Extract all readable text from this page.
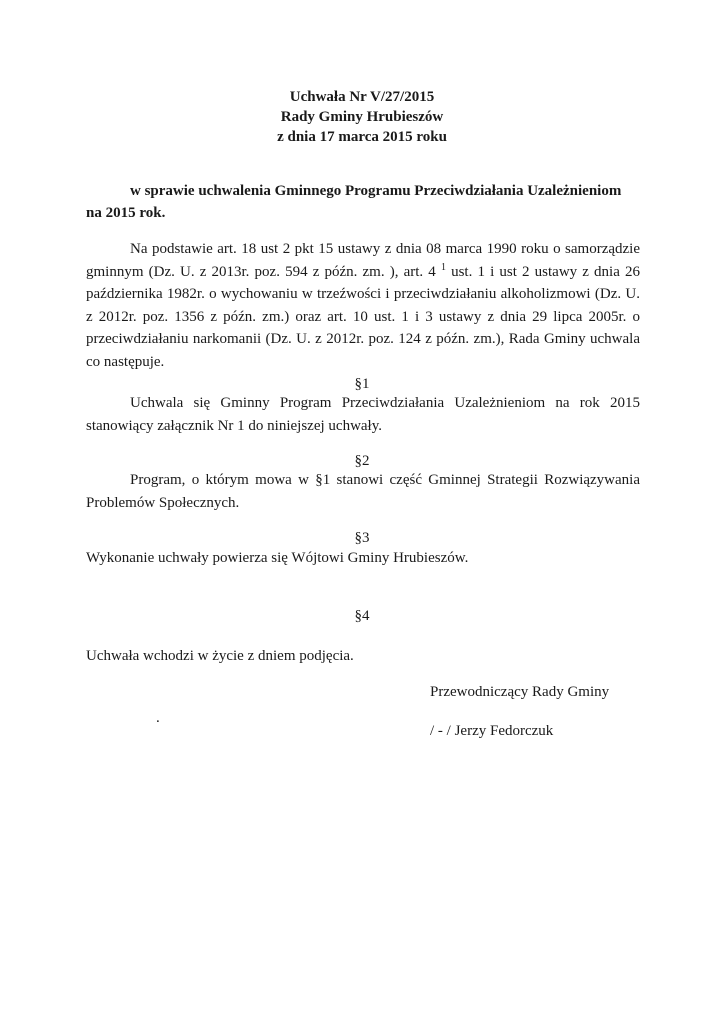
Uchwała Nr V/27/2015
Rady Gminy Hrubieszów
z dnia 17 marca 2015 roku
w sprawie uchwalenia Gminnego Programu Przeciwdziałania Uzależnieniom
na 2015 rok.
Na podstawie art. 18 ust 2 pkt 15 ustawy z dnia 08 marca 1990 roku o samorządzie gminnym (Dz. U. z 2013r. poz. 594 z późn. zm. ), art. 4 $^1$ ust. 1 i ust 2 ustawy z dnia 26 października 1982r. o wychowaniu w trzeźwości i przeciwdziałaniu alkoholizmowi (Dz. U. z 2012r. poz. 1356 z późn. zm.) oraz art. 10 ust. 1 i 3 ustawy z dnia 29 lipca 2005r. o przeciwdziałaniu narkomanii (Dz. U. z 2012r. poz. 124 z późn. zm.), Rada Gminy uchwala co następuje.
§1
Uchwala się Gminny Program Przeciwdziałania Uzależnieniom na rok 2015 stanowiący załącznik Nr 1 do niniejszej uchwały.
§2
Program, o którym mowa w §1 stanowi część Gminnej Strategii Rozwiązywania Problemów Społecznych.
§3
Wykonanie uchwały powierza się Wójtowi Gminy Hrubieszów.
§4
Uchwała wchodzi w życie z dniem podjęcia.
Przewodniczący Rady Gminy
.
/ - / Jerzy Fedorczuk
